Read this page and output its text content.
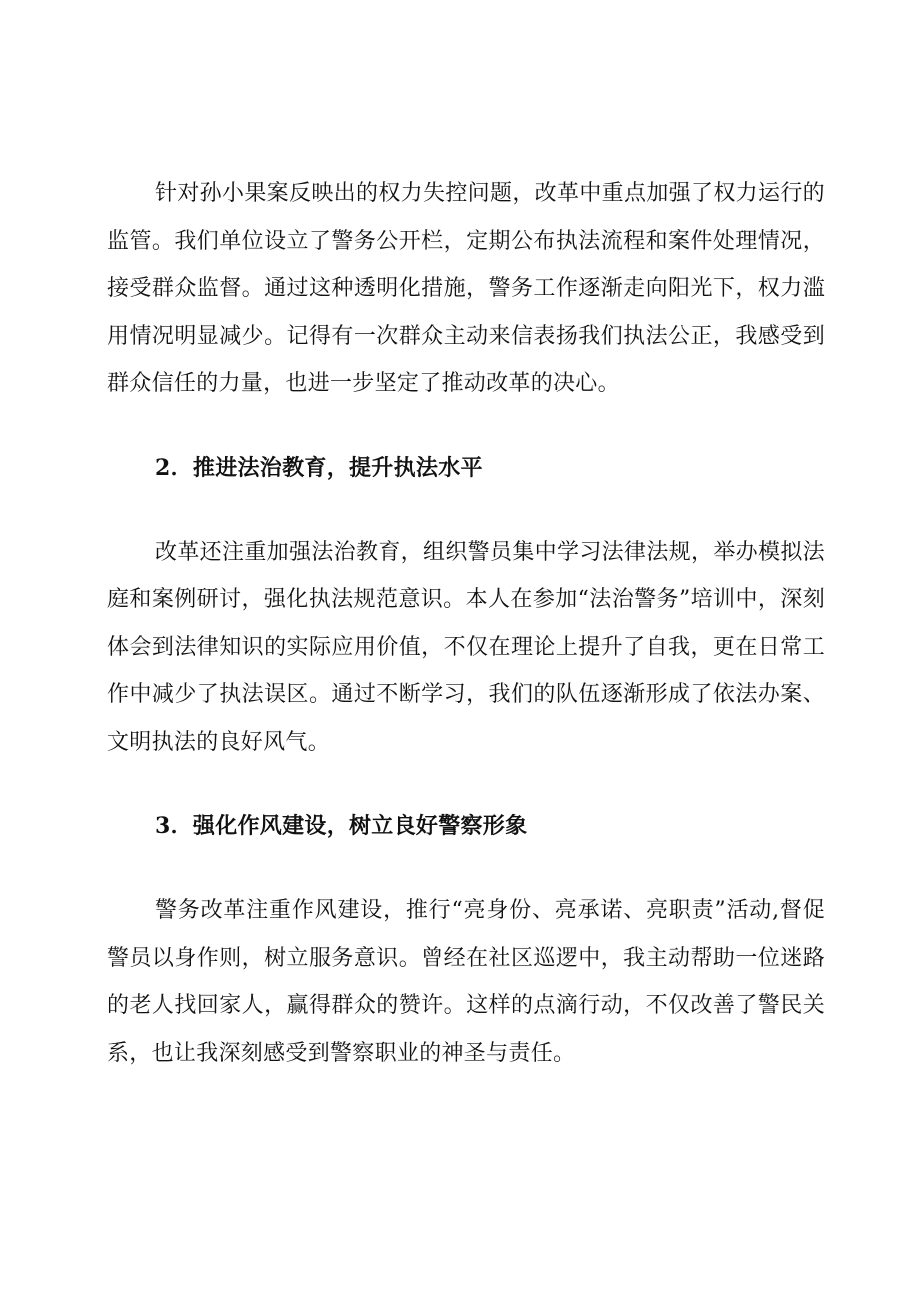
针对孙小果案反映出的权力失控问题，改革中重点加强了权力运行的监管。我们单位设立了警务公开栏，定期公布执法流程和案件处理情况，接受群众监督。通过这种透明化措施，警务工作逐渐走向阳光下，权力滥用情况明显减少。记得有一次群众主动来信表扬我们执法公正，我感受到群众信任的力量，也进一步坚定了推动改革的决心。

2．推进法治教育，提升执法水平

改革还注重加强法治教育，组织警员集中学习法律法规，举办模拟法庭和案例研讨，强化执法规范意识。本人在参加“法治警务”培训中，深刻体会到法律知识的实际应用价值，不仅在理论上提升了自我，更在日常工作中减少了执法误区。通过不断学习，我们的队伍逐渐形成了依法办案、文明执法的良好风气。

3．强化作风建设，树立良好警察形象

警务改革注重作风建设，推行“亮身份、亮承诺、亮职责”活动,督促警员以身作则，树立服务意识。曾经在社区巡逻中，我主动帮助一位迷路的老人找回家人，赢得群众的赞许。这样的点滴行动，不仅改善了警民关系，也让我深刻感受到警察职业的神圣与责任。
